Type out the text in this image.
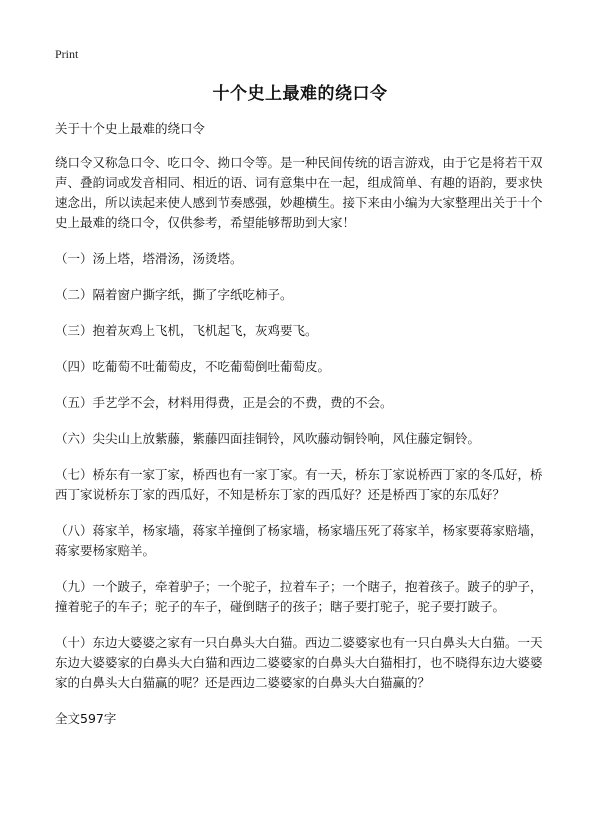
Print
十个史上最难的绕口令

关于十个史上最难的绕口令

绕口令又称急口令、吃口令、拗口令等。是一种民间传统的语言游戏，由于它是将若干双声、叠韵词或发音相同、相近的语、词有意集中在一起，组成简单、有趣的语韵，要求快速念出，所以读起来使人感到节奏感强，妙趣横生。接下来由小编为大家整理出关于十个史上最难的绕口令，仅供参考，希望能够帮助到大家！

（一）汤上塔，塔滑汤，汤烫塔。

（二）隔着窗户撕字纸，撕了字纸吃柿子。

（三）抱着灰鸡上飞机，飞机起飞，灰鸡要飞。

（四）吃葡萄不吐葡萄皮，不吃葡萄倒吐葡萄皮。

（五）手艺学不会，材料用得费，正是会的不费，费的不会。

（六）尖尖山上放紫藤，紫藤四面挂铜铃，风吹藤动铜铃响，风住藤定铜铃。

（七）桥东有一家丁家，桥西也有一家丁家。有一天，桥东丁家说桥西丁家的冬瓜好，桥西丁家说桥东丁家的西瓜好，不知是桥东丁家的西瓜好？还是桥西丁家的东瓜好？

（八）蒋家羊，杨家墙，蒋家羊撞倒了杨家墙，杨家墙压死了蒋家羊，杨家要蒋家赔墙，蒋家要杨家赔羊。

（九）一个跛子，牵着驴子；一个驼子，拉着车子；一个瞎子，抱着孩子。跛子的驴子，撞着驼子的车子；驼子的车子，碰倒瞎子的孩子；瞎子要打驼子，驼子要打跛子。

（十）东边大婆婆之家有一只白鼻头大白猫。西边二婆婆家也有一只白鼻头大白猫。一天东边大婆婆家的白鼻头大白猫和西边二婆婆家的白鼻头大白猫相打，也不晓得东边大婆婆家的白鼻头大白猫赢的呢？还是西边二婆婆家的白鼻头大白猫赢的？

全文597字
